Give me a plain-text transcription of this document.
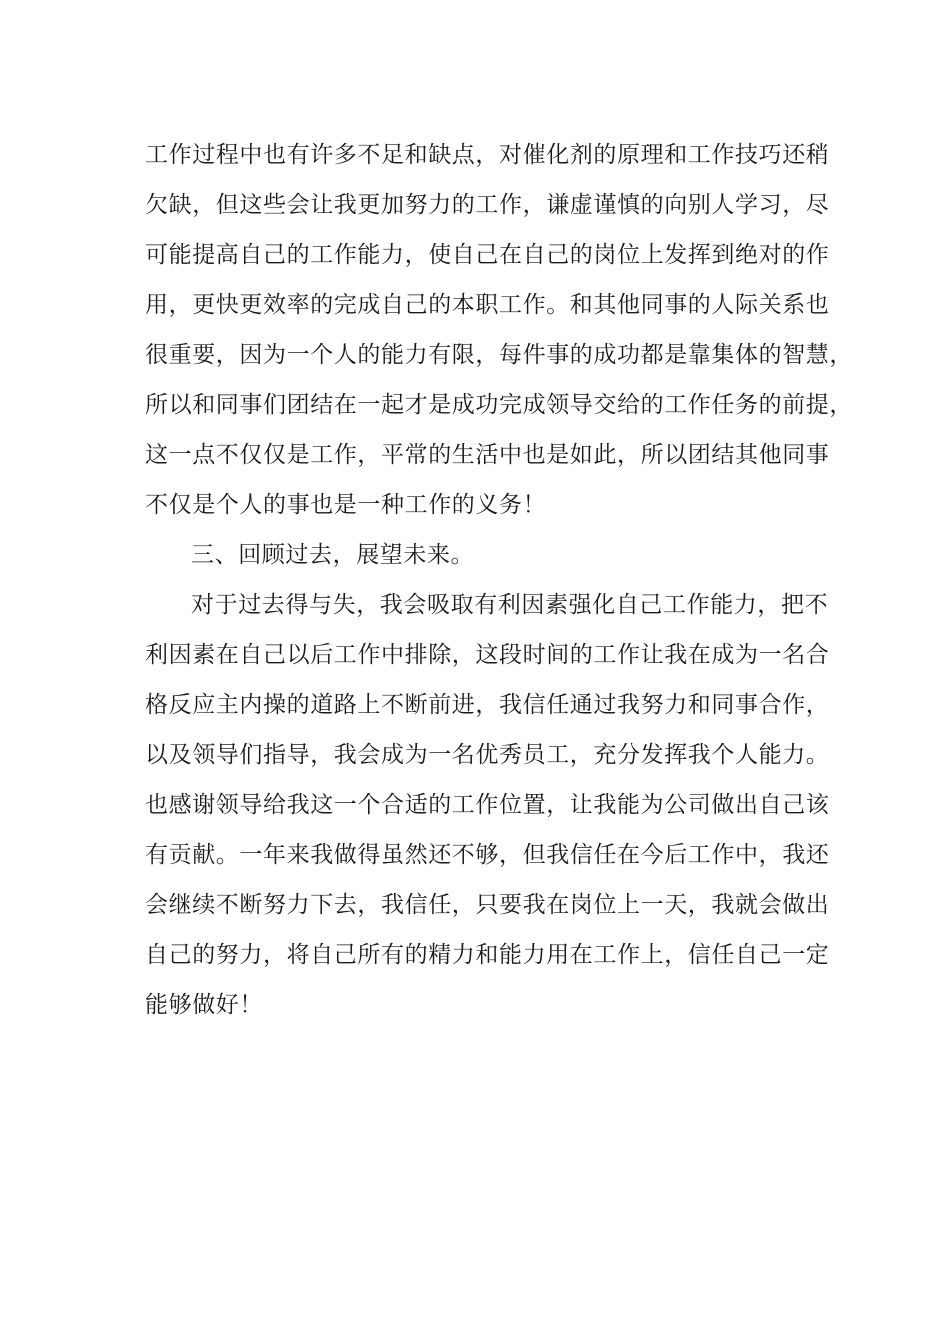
工作过程中也有许多不足和缺点，对催化剂的原理和工作技巧还稍
欠缺，但这些会让我更加努力的工作，谦虚谨慎的向别人学习，尽
可能提高自己的工作能力，使自己在自己的岗位上发挥到绝对的作
用，更快更效率的完成自己的本职工作。和其他同事的人际关系也
很重要，因为一个人的能力有限，每件事的成功都是靠集体的智慧，
所以和同事们团结在一起才是成功完成领导交给的工作任务的前提，
这一点不仅仅是工作，平常的生活中也是如此，所以团结其他同事
不仅是个人的事也是一种工作的义务！
三、回顾过去，展望未来。
对于过去得与失，我会吸取有利因素强化自己工作能力，把不
利因素在自己以后工作中排除，这段时间的工作让我在成为一名合
格反应主内操的道路上不断前进，我信任通过我努力和同事合作，
以及领导们指导，我会成为一名优秀员工，充分发挥我个人能力。
也感谢领导给我这一个合适的工作位置，让我能为公司做出自己该
有贡献。一年来我做得虽然还不够，但我信任在今后工作中，我还
会继续不断努力下去，我信任，只要我在岗位上一天，我就会做出
自己的努力，将自己所有的精力和能力用在工作上，信任自己一定
能够做好！
